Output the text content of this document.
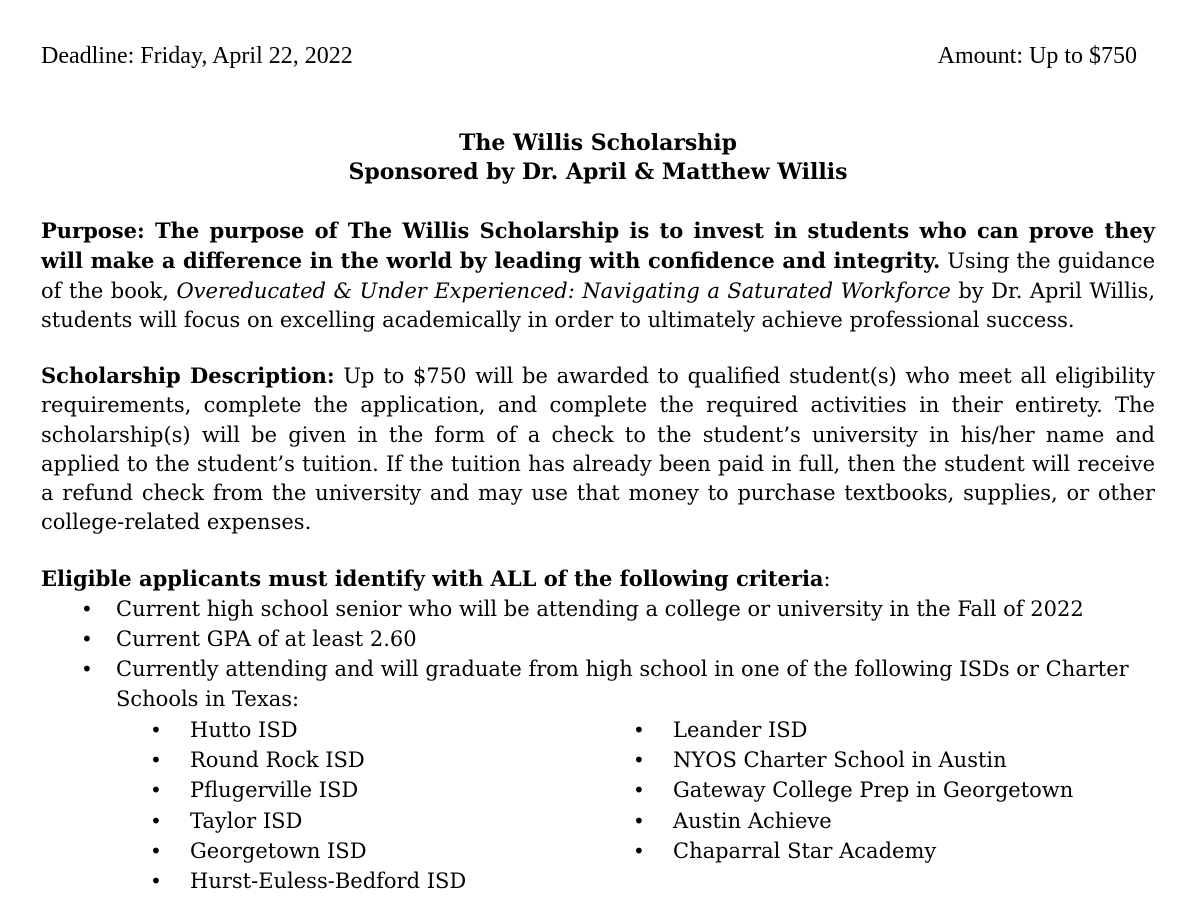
Deadline: Friday, April 22, 2022	Amount: Up to $750
The Willis Scholarship
Sponsored by Dr. April & Matthew Willis

Purpose: The purpose of The Willis Scholarship is to invest in students who can prove they will make a difference in the world by leading with confidence and integrity. Using the guidance of the book, Overeducated & Under Experienced: Navigating a Saturated Workforce by Dr. April Willis, students will focus on excelling academically in order to ultimately achieve professional success.

Scholarship Description: Up to $750 will be awarded to qualified student(s) who meet all eligibility requirements, complete the application, and complete the required activities in their entirety. The scholarship(s) will be given in the form of a check to the student’s university in his/her name and applied to the student’s tuition. If the tuition has already been paid in full, then the student will receive a refund check from the university and may use that money to purchase textbooks, supplies, or other college-related expenses.

Eligible applicants must identify with ALL of the following criteria:

• Current high school senior who will be attending a college or university in the Fall of 2022
• Current GPA of at least 2.60
• Currently attending and will graduate from high school in one of the following ISDs or Charter Schools in Texas:
• Hutto ISD
• Round Rock ISD
• Pflugerville ISD
• Taylor ISD
• Georgetown ISD
• Hurst-Euless-Bedford ISD
• Leander ISD
• NYOS Charter School in Austin
• Gateway College Prep in Georgetown
• Austin Achieve
• Chaparral Star Academy
